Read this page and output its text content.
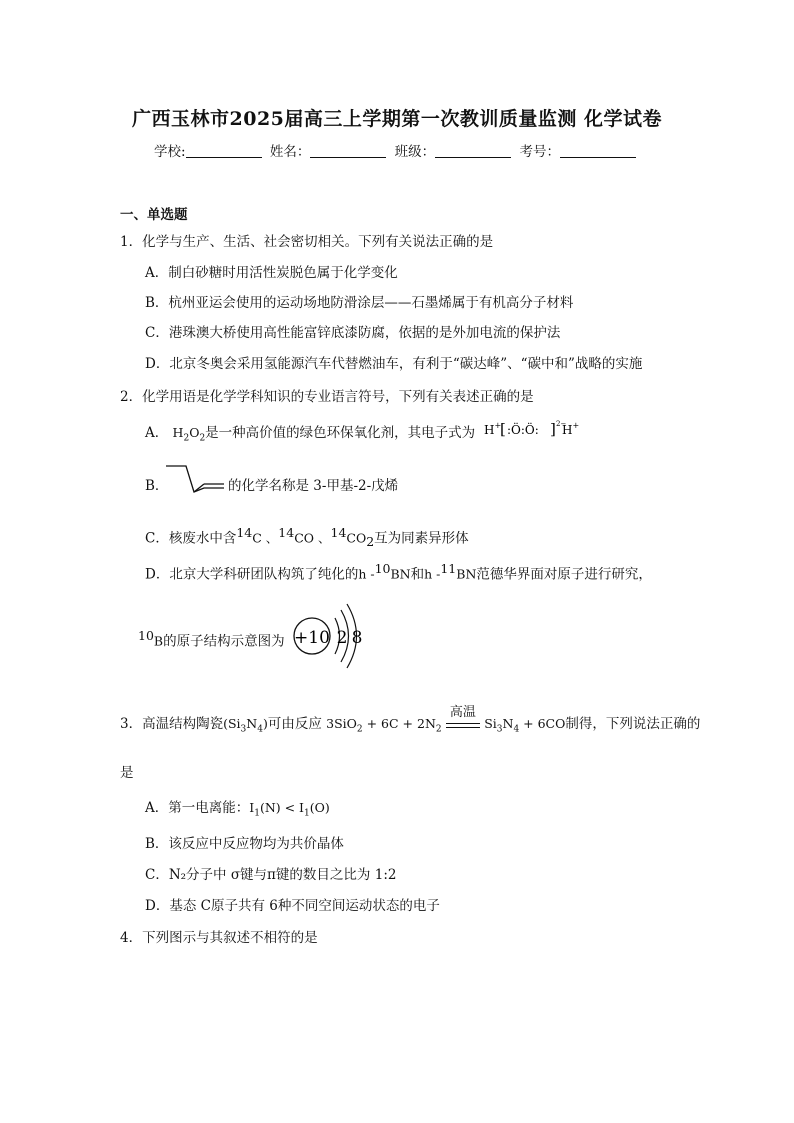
广西玉林市2025届高三上学期第一次教训质量监测 化学试卷
学校:	姓名：	班级：	考号：
一、单选题
1．化学与生产、生活、社会密切相关。下列有关说法正确的是
A．制白砂糖时用活性炭脱色属于化学变化
B．杭州亚运会使用的运动场地防滑涂层——石墨烯属于有机高分子材料
C．港珠澳大桥使用高性能富锌底漆防腐，依据的是外加电流的保护法
D．北京冬奥会采用氢能源汽车代替燃油车，有利于“碳达峰”、“碳中和”战略的实施
2．化学用语是化学学科知识的专业语言符号，下列有关表述正确的是
A． $H_2O_2$是一种高价值的绿色环保氧化剂，其电子式为 H+
[ :Ö:Ö: ] 2−
H+
B．	的化学名称是 3-甲基-2-戊烯
C．核废水中含$^{14}$C 、$^{14}$CO 、$^{14}CO_2$互为同素异形体
D．北京大学科研团队构筑了纯化的h -$^{10}$BN和h -$^{11}$BN范德华界面对原子进行研究，
$^{10}$B的原子结构示意图为 +10 2 8
3．高温结构陶瓷$(Si_3N_4)$可由反应 $3SiO_2 + 6C + 2N_2$
高温
$Si_3N_4 + 6CO$制得，下列说法正确的
是
A．第一电离能：$I_1(N) < I_1(O)$
B．该反应中反应物均为共价晶体
C．N₂分子中 σ键与π键的数目之比为 1:2
D．基态 C原子共有 6种不同空间运动状态的电子
4．下列图示与其叙述不相符的是
